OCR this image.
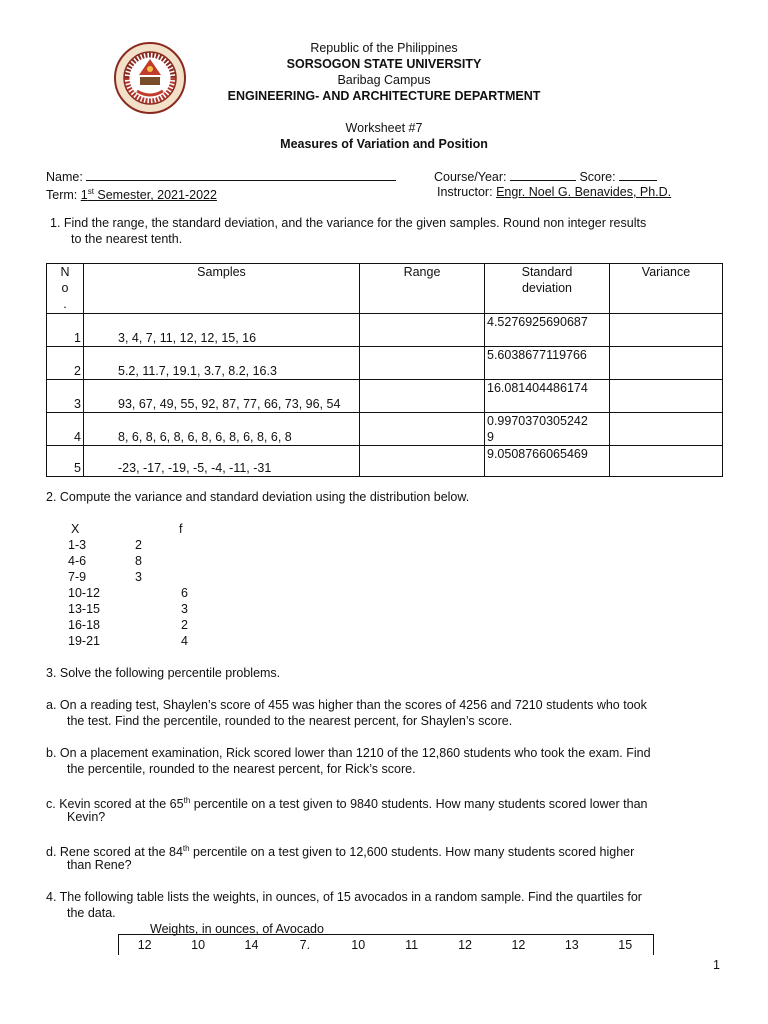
Republic of the Philippines
SORSOGON STATE UNIVERSITY
Baribag Campus
ENGINEERING- AND ARCHITECTURE DEPARTMENT
Worksheet #7
Measures of Variation and Position
Name:	Course/Year:	Score:
Term: 1st Semester, 2021-2022	Instructor: Engr. Noel G. Benavides, Ph.D.
1. Find the range, the standard deviation, and the variance for the given samples. Round non integer results
to the nearest tenth.
N
o
.	Samples	Range	Standard
deviation	Variance
1	3, 4, 7, 11, 12, 12, 15, 16		4.5276925690687	
2	5.2, 11.7, 19.1, 3.7, 8.2, 16.3		5.6038677119766	
3	93, 67, 49, 55, 92, 87, 77, 66, 73, 96, 54		16.081404486174	
4	8, 6, 8, 6, 8, 6, 8, 6, 8, 6, 8, 6, 8		0.9970370305242
9	
5	-23, -17, -19, -5, -4, -11, -31		9.0508766065469	
2. Compute the variance and standard deviation using the distribution below.
X	f
1-3	2
4-6	8
7-9	3
10-12	6
13-15	3
16-18	2
19-21	4
3. Solve the following percentile problems.
a. On a reading test, Shaylen’s score of 455 was higher than the scores of 4256 and 7210 students who took
the test. Find the percentile, rounded to the nearest percent, for Shaylen’s score.
b. On a placement examination, Rick scored lower than 1210 of the 12,860 students who took the exam. Find
the percentile, rounded to the nearest percent, for Rick’s score.
c. Kevin scored at the 65th percentile on a test given to 9840 students. How many students scored lower than
Kevin?
d. Rene scored at the 84th percentile on a test given to 12,600 students. How many students scored higher
than Rene?
4. The following table lists the weights, in ounces, of 15 avocados in a random sample. Find the quartiles for
the data.
Weights, in ounces, of Avocado
12	10	14	7.	10	11	12	12	13	15
1
